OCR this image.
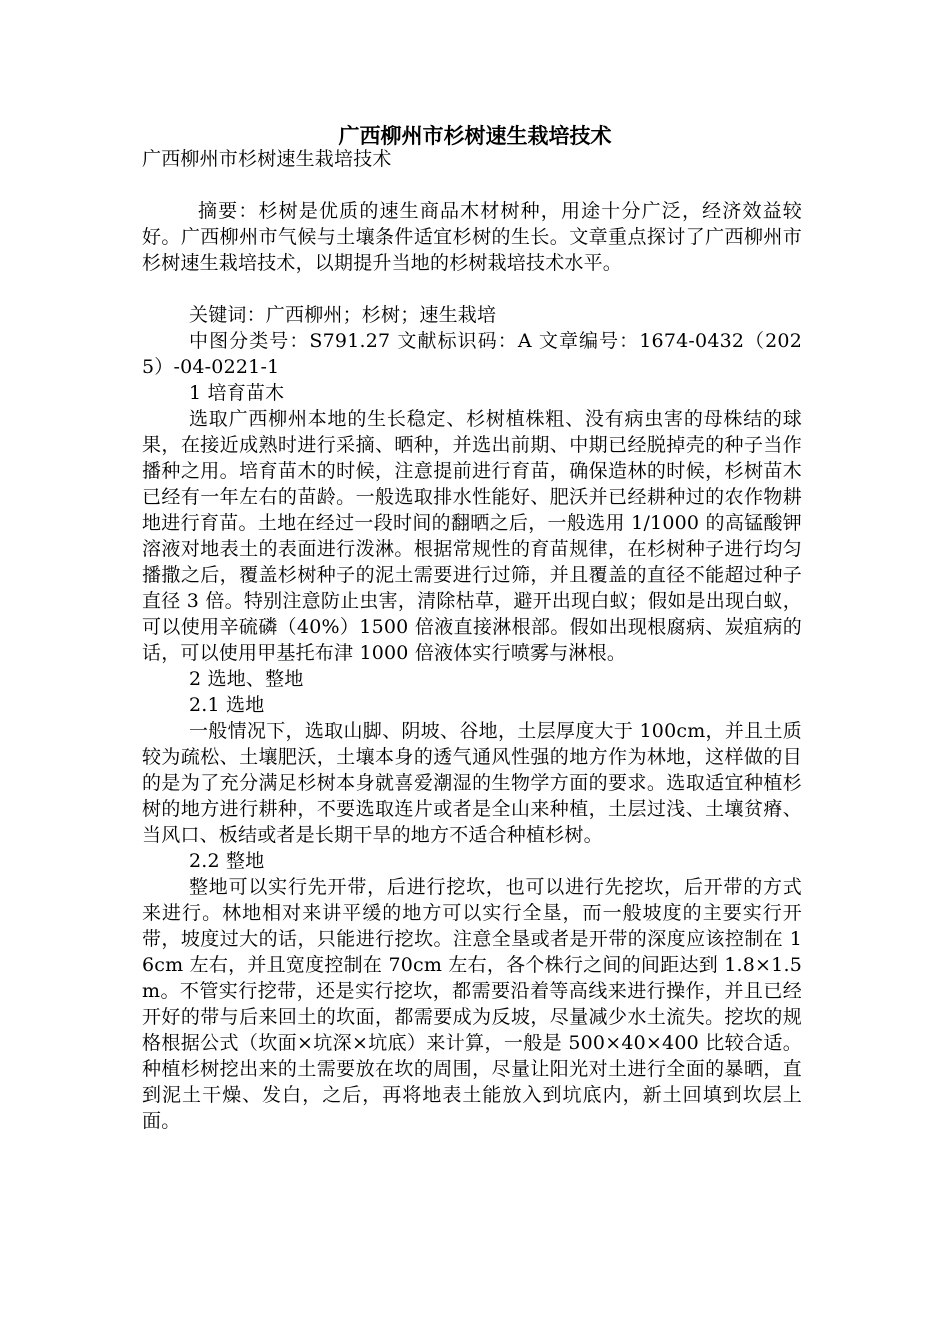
广西柳州市杉树速生栽培技术

广西柳州市杉树速生栽培技术

摘要：杉树是优质的速生商品木材树种，用途十分广泛，经济效益较好。广西柳州市气候与土壤条件适宜杉树的生长。文章重点探讨了广西柳州市杉树速生栽培技术，以期提升当地的杉树栽培技术水平。

关键词：广西柳州；杉树；速生栽培

中图分类号：S791.27 文献标识码：A 文章编号：1674-0432（2025）-04-0221-1

1 培育苗木

选取广西柳州本地的生长稳定、杉树植株粗、没有病虫害的母株结的球果，在接近成熟时进行采摘、晒种，并选出前期、中期已经脱掉壳的种子当作播种之用。培育苗木的时候，注意提前进行育苗，确保造林的时候，杉树苗木已经有一年左右的苗龄。一般选取排水性能好、肥沃并已经耕种过的农作物耕地进行育苗。土地在经过一段时间的翻晒之后，一般选用 1/1000 的高锰酸钾溶液对地表土的表面进行泼淋。根据常规性的育苗规律，在杉树种子进行均匀播撒之后，覆盖杉树种子的泥土需要进行过筛，并且覆盖的直径不能超过种子直径 3 倍。特别注意防止虫害，清除枯草，避开出现白蚁；假如是出现白蚁，可以使用辛硫磷（40%）1500 倍液直接淋根部。假如出现根腐病、炭疽病的话，可以使用甲基托布津 1000 倍液体实行喷雾与淋根。

2 选地、整地

2.1 选地

一般情况下，选取山脚、阴坡、谷地，土层厚度大于 100cm，并且土质较为疏松、土壤肥沃，土壤本身的透气通风性强的地方作为林地，这样做的目的是为了充分满足杉树本身就喜爱潮湿的生物学方面的要求。选取适宜种植杉树的地方进行耕种，不要选取连片或者是全山来种植，土层过浅、土壤贫瘠、当风口、板结或者是长期干旱的地方不适合种植杉树。

2.2 整地

整地可以实行先开带，后进行挖坎，也可以进行先挖坎，后开带的方式来进行。林地相对来讲平缓的地方可以实行全垦，而一般坡度的主要实行开带，坡度过大的话，只能进行挖坎。注意全垦或者是开带的深度应该控制在 16cm 左右，并且宽度控制在 70cm 左右，各个株行之间的间距达到 1.8×1.5m。不管实行挖带，还是实行挖坎，都需要沿着等高线来进行操作，并且已经开好的带与后来回土的坎面，都需要成为反坡，尽量减少水土流失。挖坎的规格根据公式（坎面×坑深×坑底）来计算，一般是 500×40×400 比较合适。种植杉树挖出来的土需要放在坎的周围，尽量让阳光对土进行全面的暴晒，直到泥土干燥、发白，之后，再将地表土能放入到坑底内，新土回填到坎层上面。
